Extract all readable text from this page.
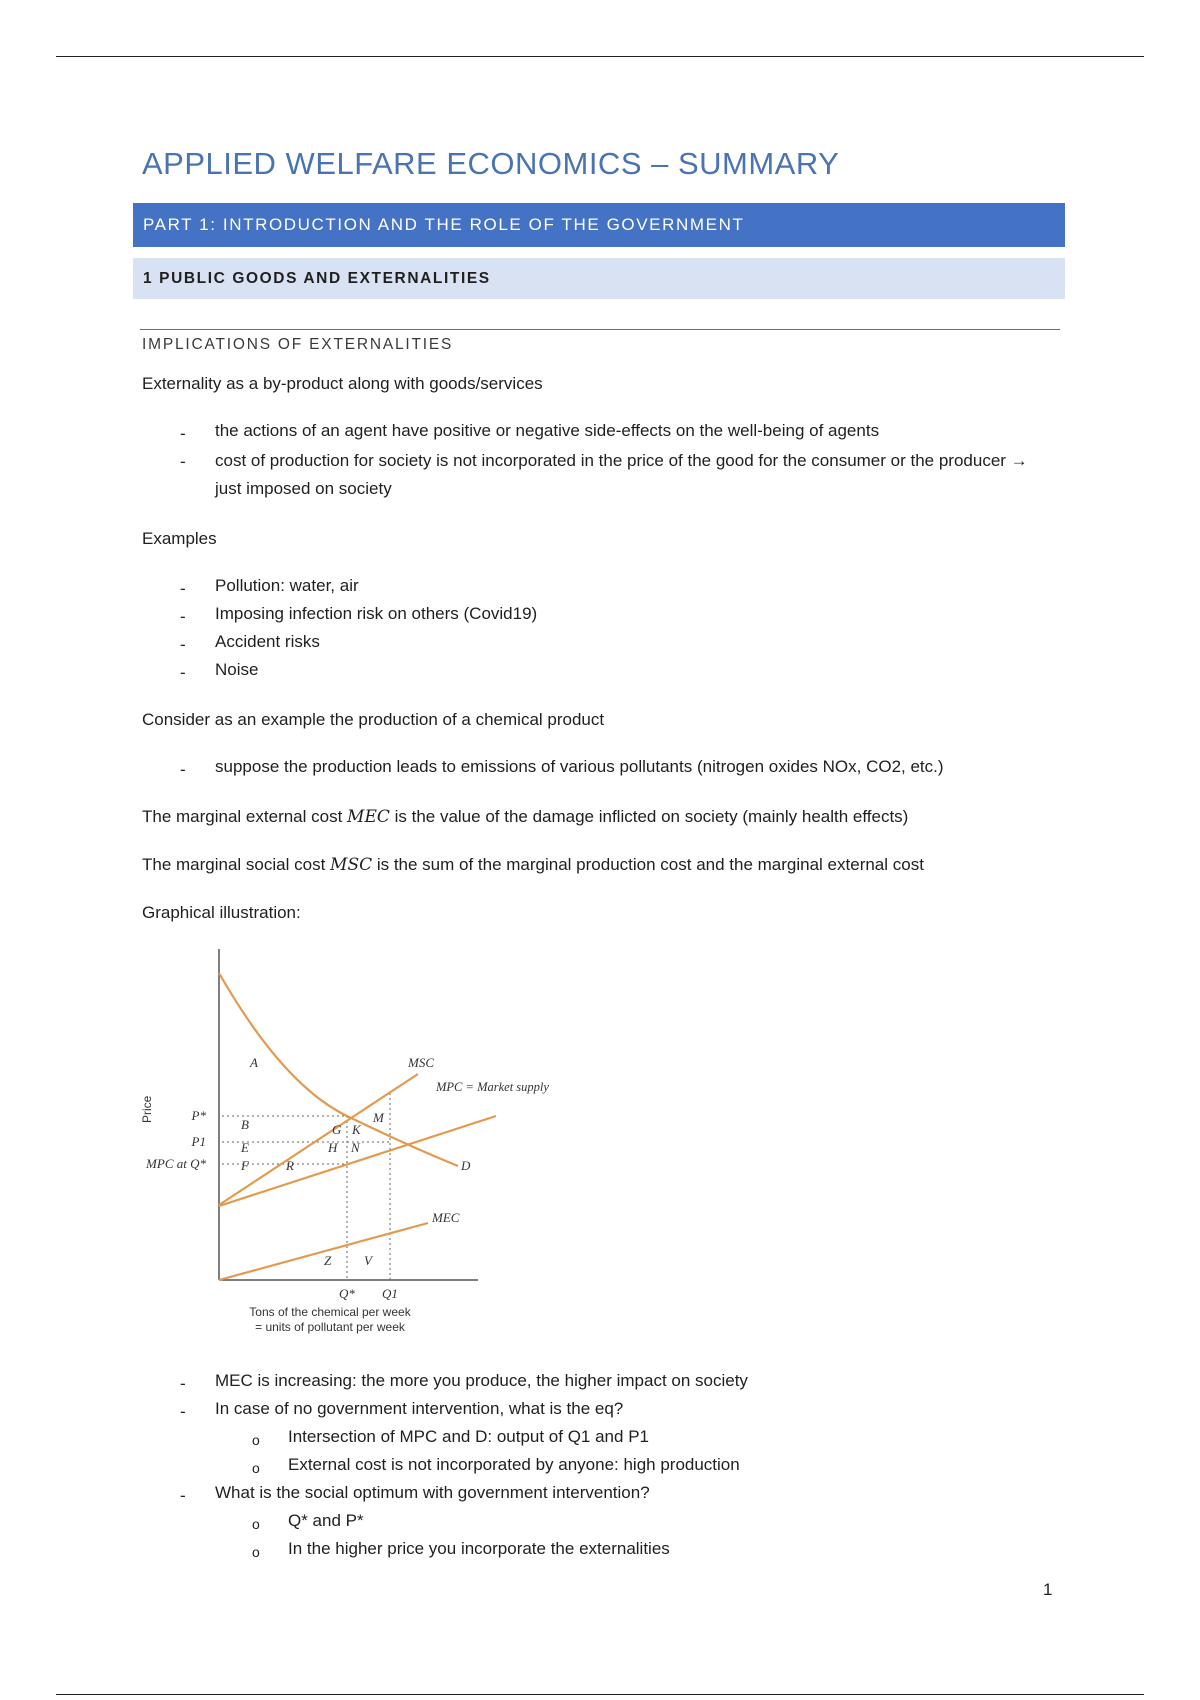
APPLIED WELFARE ECONOMICS – SUMMARY
PART 1: INTRODUCTION AND THE ROLE OF THE GOVERNMENT
1 PUBLIC GOODS AND EXTERNALITIES
IMPLICATIONS OF EXTERNALITIES
Externality as a by-product along with goods/services
- the actions of an agent have positive or negative side-effects on the well-being of agents
- cost of production for society is not incorporated in the price of the good for the consumer or the producer → just imposed on society
Examples
- Pollution: water, air
- Imposing infection risk on others (Covid19)
- Accident risks
- Noise
Consider as an example the production of a chemical product
- suppose the production leads to emissions of various pollutants (nitrogen oxides NOx, CO2, etc.)
The marginal external cost MEC is the value of the damage inflicted on society (mainly health effects)
The marginal social cost MSC is the sum of the marginal production cost and the marginal external cost
Graphical illustration:
Price	P*
P1
MPC at Q*
Q* Q1
MSC
MPC = Market supply
D
MEC
A
B
E
F	R
G K
H N
M
Z	V
Tons of the chemical per week
= units of pollutant per week
- MEC is increasing: the more you produce, the higher impact on society
- In case of no government intervention, what is the eq?
o Intersection of MPC and D: output of Q1 and P1
o External cost is not incorporated by anyone: high production
- What is the social optimum with government intervention?
o Q* and P*
o In the higher price you incorporate the externalities
1
